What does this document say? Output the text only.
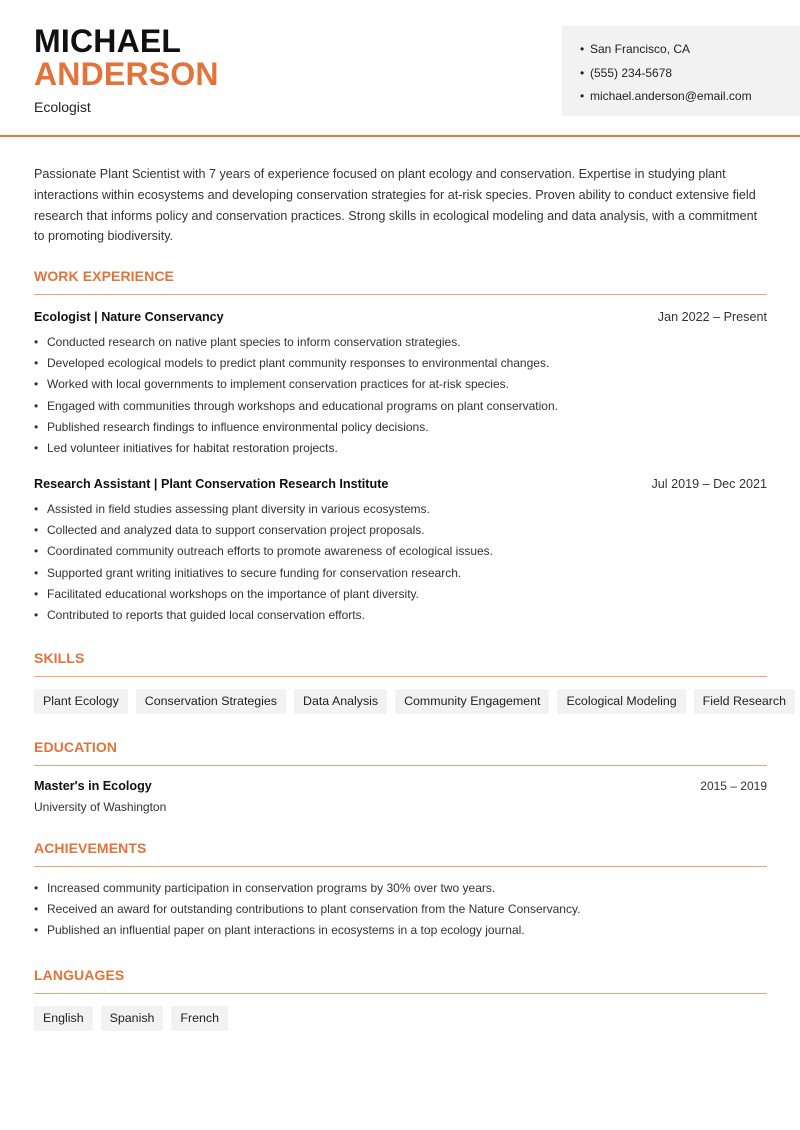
MICHAEL
ANDERSON
Ecologist
• San Francisco, CA
• (555) 234-5678
• michael.anderson@email.com
Passionate Plant Scientist with 7 years of experience focused on plant ecology and conservation. Expertise in studying plant interactions within ecosystems and developing conservation strategies for at-risk species. Proven ability to conduct extensive field research that informs policy and conservation practices. Strong skills in ecological modeling and data analysis, with a commitment to promoting biodiversity.
WORK EXPERIENCE
Ecologist | Nature Conservancy	Jan 2022 – Present
• Conducted research on native plant species to inform conservation strategies.
• Developed ecological models to predict plant community responses to environmental changes.
• Worked with local governments to implement conservation practices for at-risk species.
• Engaged with communities through workshops and educational programs on plant conservation.
• Published research findings to influence environmental policy decisions.
• Led volunteer initiatives for habitat restoration projects.
Research Assistant | Plant Conservation Research Institute	Jul 2019 – Dec 2021
• Assisted in field studies assessing plant diversity in various ecosystems.
• Collected and analyzed data to support conservation project proposals.
• Coordinated community outreach efforts to promote awareness of ecological issues.
• Supported grant writing initiatives to secure funding for conservation research.
• Facilitated educational workshops on the importance of plant diversity.
• Contributed to reports that guided local conservation efforts.
SKILLS
Plant Ecology	Conservation Strategies	Data Analysis	Community Engagement	Ecological Modeling	Field Research
EDUCATION
Master's in Ecology
University of Washington
2015 – 2019
ACHIEVEMENTS
• Increased community participation in conservation programs by 30% over two years.
• Received an award for outstanding contributions to plant conservation from the Nature Conservancy.
• Published an influential paper on plant interactions in ecosystems in a top ecology journal.
LANGUAGES
English	Spanish	French
